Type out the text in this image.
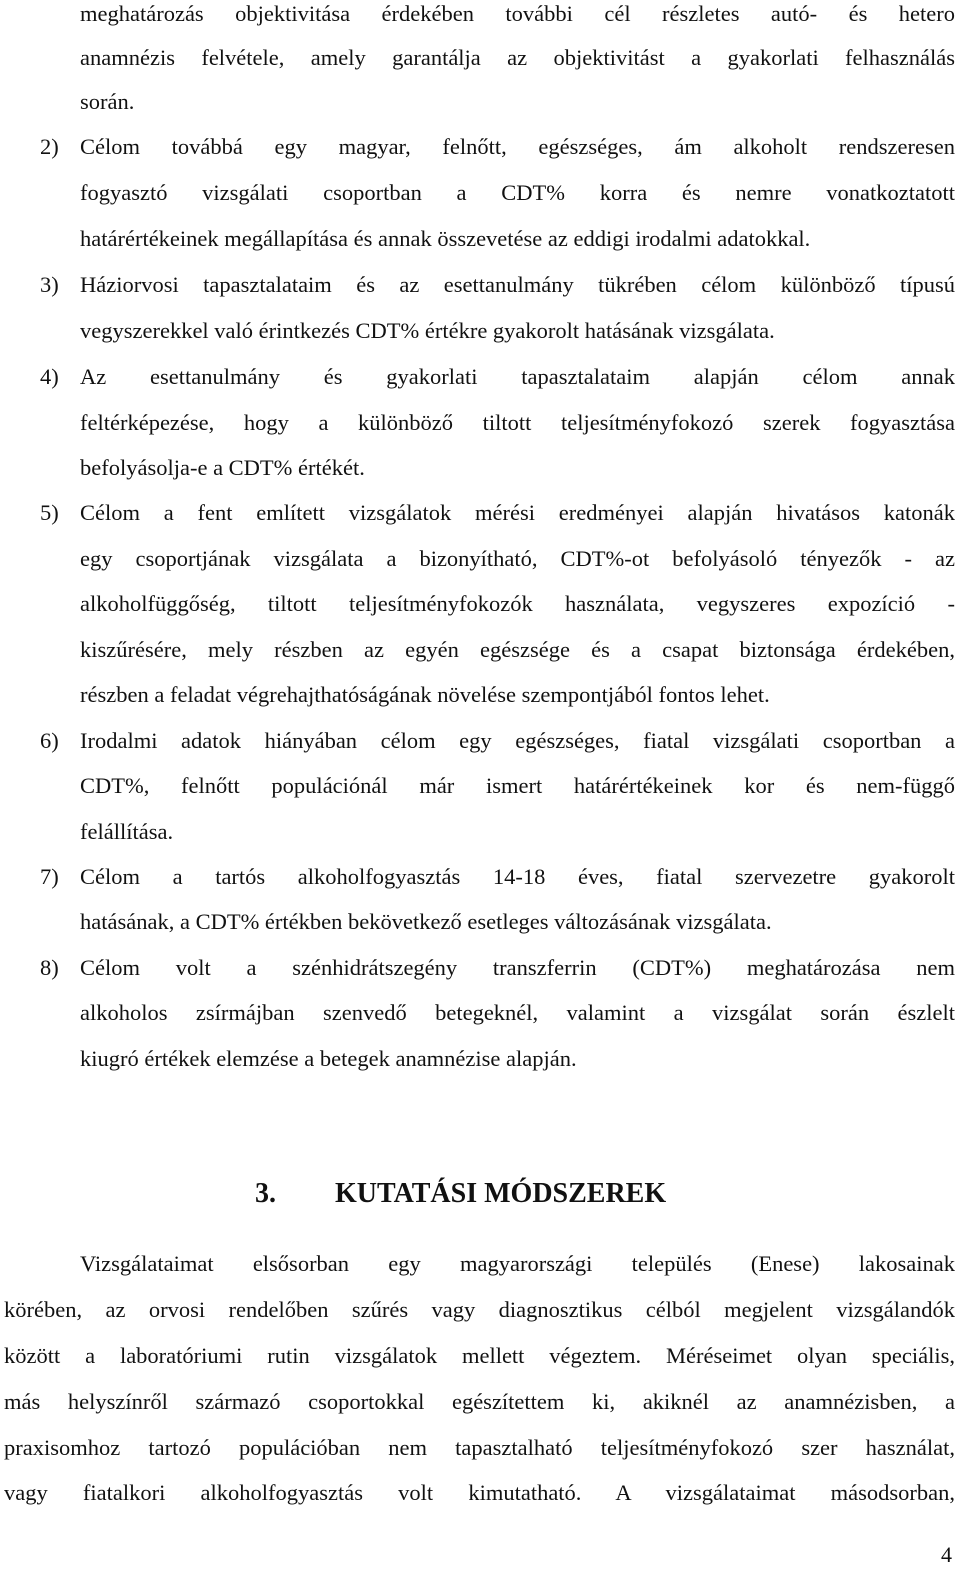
meghatározás objektivitása érdekében további cél részletes autó- és hetero
anamnézis felvétele, amely garantálja az objektivitást a gyakorlati felhasználás
során.
2) Célom továbbá egy magyar, felnőtt, egészséges, ám alkoholt rendszeresen
fogyasztó vizsgálati csoportban a CDT% korra és nemre vonatkoztatott
határértékeinek megállapítása és annak összevetése az eddigi irodalmi adatokkal.
3) Háziorvosi tapasztalataim és az esettanulmány tükrében célom különböző típusú
vegyszerekkel való érintkezés CDT% értékre gyakorolt hatásának vizsgálata.
4) Az esettanulmány és gyakorlati tapasztalataim alapján célom annak
feltérképezése, hogy a különböző tiltott teljesítményfokozó szerek fogyasztása
befolyásolja-e a CDT% értékét.
5) Célom a fent említett vizsgálatok mérési eredményei alapján hivatásos katonák
egy csoportjának vizsgálata a bizonyítható, CDT%-ot befolyásoló tényezők - az
alkoholfüggőség, tiltott teljesítményfokozók használata, vegyszeres expozíció -
kiszűrésére, mely részben az egyén egészsége és a csapat biztonsága érdekében,
részben a feladat végrehajthatóságának növelése szempontjából fontos lehet.
6) Irodalmi adatok hiányában célom egy egészséges, fiatal vizsgálati csoportban a
CDT%, felnőtt populációnál már ismert határértékeinek kor és nem-függő
felállítása.
7) Célom a tartós alkoholfogyasztás 14-18 éves, fiatal szervezetre gyakorolt
hatásának, a CDT% értékben bekövetkező esetleges változásának vizsgálata.
8) Célom volt a szénhidrátszegény transzferrin (CDT%) meghatározása nem
alkoholos zsírmájban szenvedő betegeknél, valamint a vizsgálat során észlelt
kiugró értékek elemzése a betegek anamnézise alapján.
3. KUTATÁSI MÓDSZEREK
Vizsgálataimat elsősorban egy magyarországi település (Enese) lakosainak
körében, az orvosi rendelőben szűrés vagy diagnosztikus célból megjelent vizsgálandók
között a laboratóriumi rutin vizsgálatok mellett végeztem. Méréseimet olyan speciális,
más helyszínről származó csoportokkal egészítettem ki, akiknél az anamnézisben, a
praxisomhoz tartozó populációban nem tapasztalható teljesítményfokozó szer használat,
vagy fiatalkori alkoholfogyasztás volt kimutatható. A vizsgálataimat másodsorban,
4
